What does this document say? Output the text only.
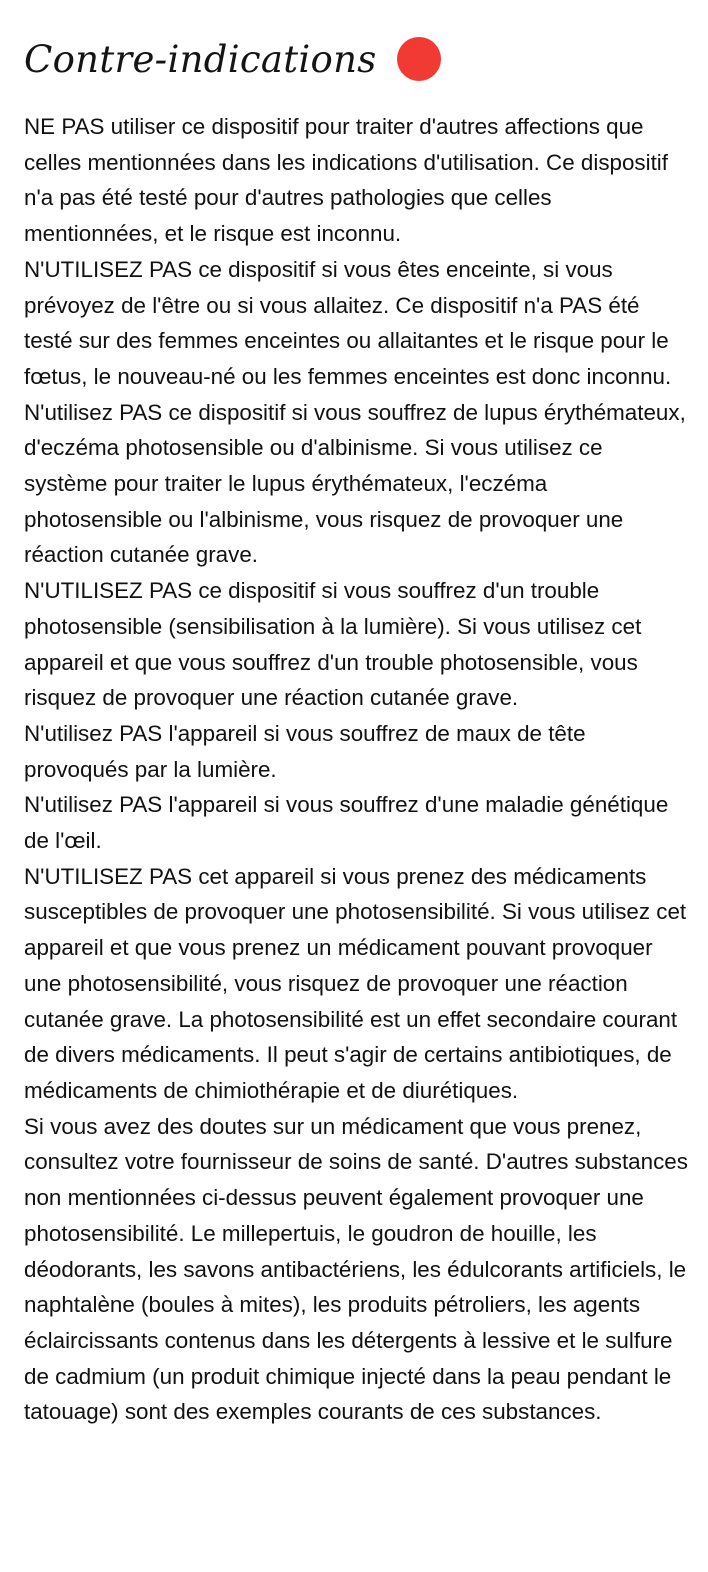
Contre-indications

NE PAS utiliser ce dispositif pour traiter d'autres affections que celles mentionnées dans les indications d'utilisation. Ce dispositif n'a pas été testé pour d'autres pathologies que celles mentionnées, et le risque est inconnu.

N'UTILISEZ PAS ce dispositif si vous êtes enceinte, si vous prévoyez de l'être ou si vous allaitez. Ce dispositif n'a PAS été testé sur des femmes enceintes ou allaitantes et le risque pour le fœtus, le nouveau-né ou les femmes enceintes est donc inconnu.

N'utilisez PAS ce dispositif si vous souffrez de lupus érythémateux, d'eczéma photosensible ou d'albinisme. Si vous utilisez ce système pour traiter le lupus érythémateux, l'eczéma photosensible ou l'albinisme, vous risquez de provoquer une réaction cutanée grave.

N'UTILISEZ PAS ce dispositif si vous souffrez d'un trouble photosensible (sensibilisation à la lumière). Si vous utilisez cet appareil et que vous souffrez d'un trouble photosensible, vous risquez de provoquer une réaction cutanée grave.

N'utilisez PAS l'appareil si vous souffrez de maux de tête provoqués par la lumière.

N'utilisez PAS l'appareil si vous souffrez d'une maladie génétique de l'œil.

N'UTILISEZ PAS cet appareil si vous prenez des médicaments susceptibles de provoquer une photosensibilité. Si vous utilisez cet appareil et que vous prenez un médicament pouvant provoquer une photosensibilité, vous risquez de provoquer une réaction cutanée grave. La photosensibilité est un effet secondaire courant de divers médicaments. Il peut s'agir de certains antibiotiques, de médicaments de chimiothérapie et de diurétiques.

Si vous avez des doutes sur un médicament que vous prenez, consultez votre fournisseur de soins de santé. D'autres substances non mentionnées ci-dessus peuvent également provoquer une photosensibilité. Le millepertuis, le goudron de houille, les déodorants, les savons antibactériens, les édulcorants artificiels, le naphtalène (boules à mites), les produits pétroliers, les agents éclaircissants contenus dans les détergents à lessive et le sulfure de cadmium (un produit chimique injecté dans la peau pendant le tatouage) sont des exemples courants de ces substances.
